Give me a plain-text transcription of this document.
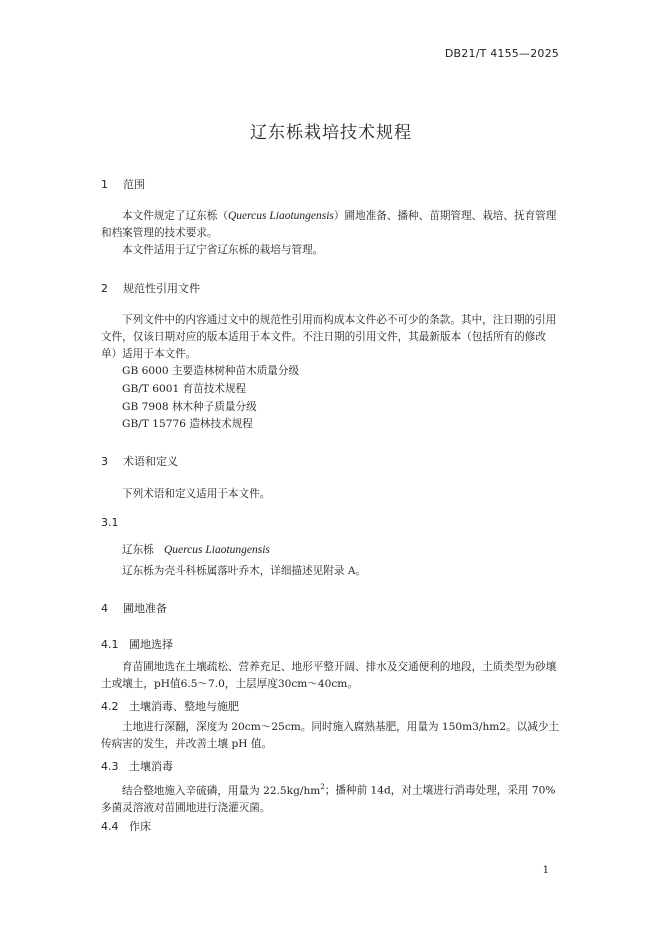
DB21/T 4155—2025
辽东栎栽培技术规程
1 范围
本文件规定了辽东栎（Quercus Liaotungensis）圃地准备、播种、苗期管理、栽培、抚育管理和档案管理的技术要求。
本文件适用于辽宁省辽东栎的栽培与管理。
2 规范性引用文件
下列文件中的内容通过文中的规范性引用而构成本文件必不可少的条款。其中，注日期的引用文件，仅该日期对应的版本适用于本文件。不注日期的引用文件，其最新版本（包括所有的修改单）适用于本文件。
GB 6000 主要造林树种苗木质量分级
GB/T 6001 育苗技术规程
GB 7908 林木种子质量分级
GB/T 15776 造林技术规程
3 术语和定义
下列术语和定义适用于本文件。
3.1
辽东栎 Quercus Liaotungensis
辽东栎为壳斗科栎属落叶乔木，详细描述见附录 A。
4 圃地准备
4.1 圃地选择
育苗圃地选在土壤疏松、营养充足、地形平整开阔、排水及交通便利的地段，土质类型为砂壤土或壤土，pH值6.5～7.0，土层厚度30cm～40cm。
4.2 土壤消毒、整地与施肥
土地进行深翻，深度为 20cm～25cm。同时施入腐熟基肥，用量为 150m3/hm2。以减少土传病害的发生，并改善土壤 pH 值。
4.3 土壤消毒
结合整地施入辛硫磷，用量为 $22.5kg/hm^2$；播种前 14d，对土壤进行消毒处理，采用 70%多菌灵溶液对苗圃地进行浇灌灭菌。
4.4 作床
1
